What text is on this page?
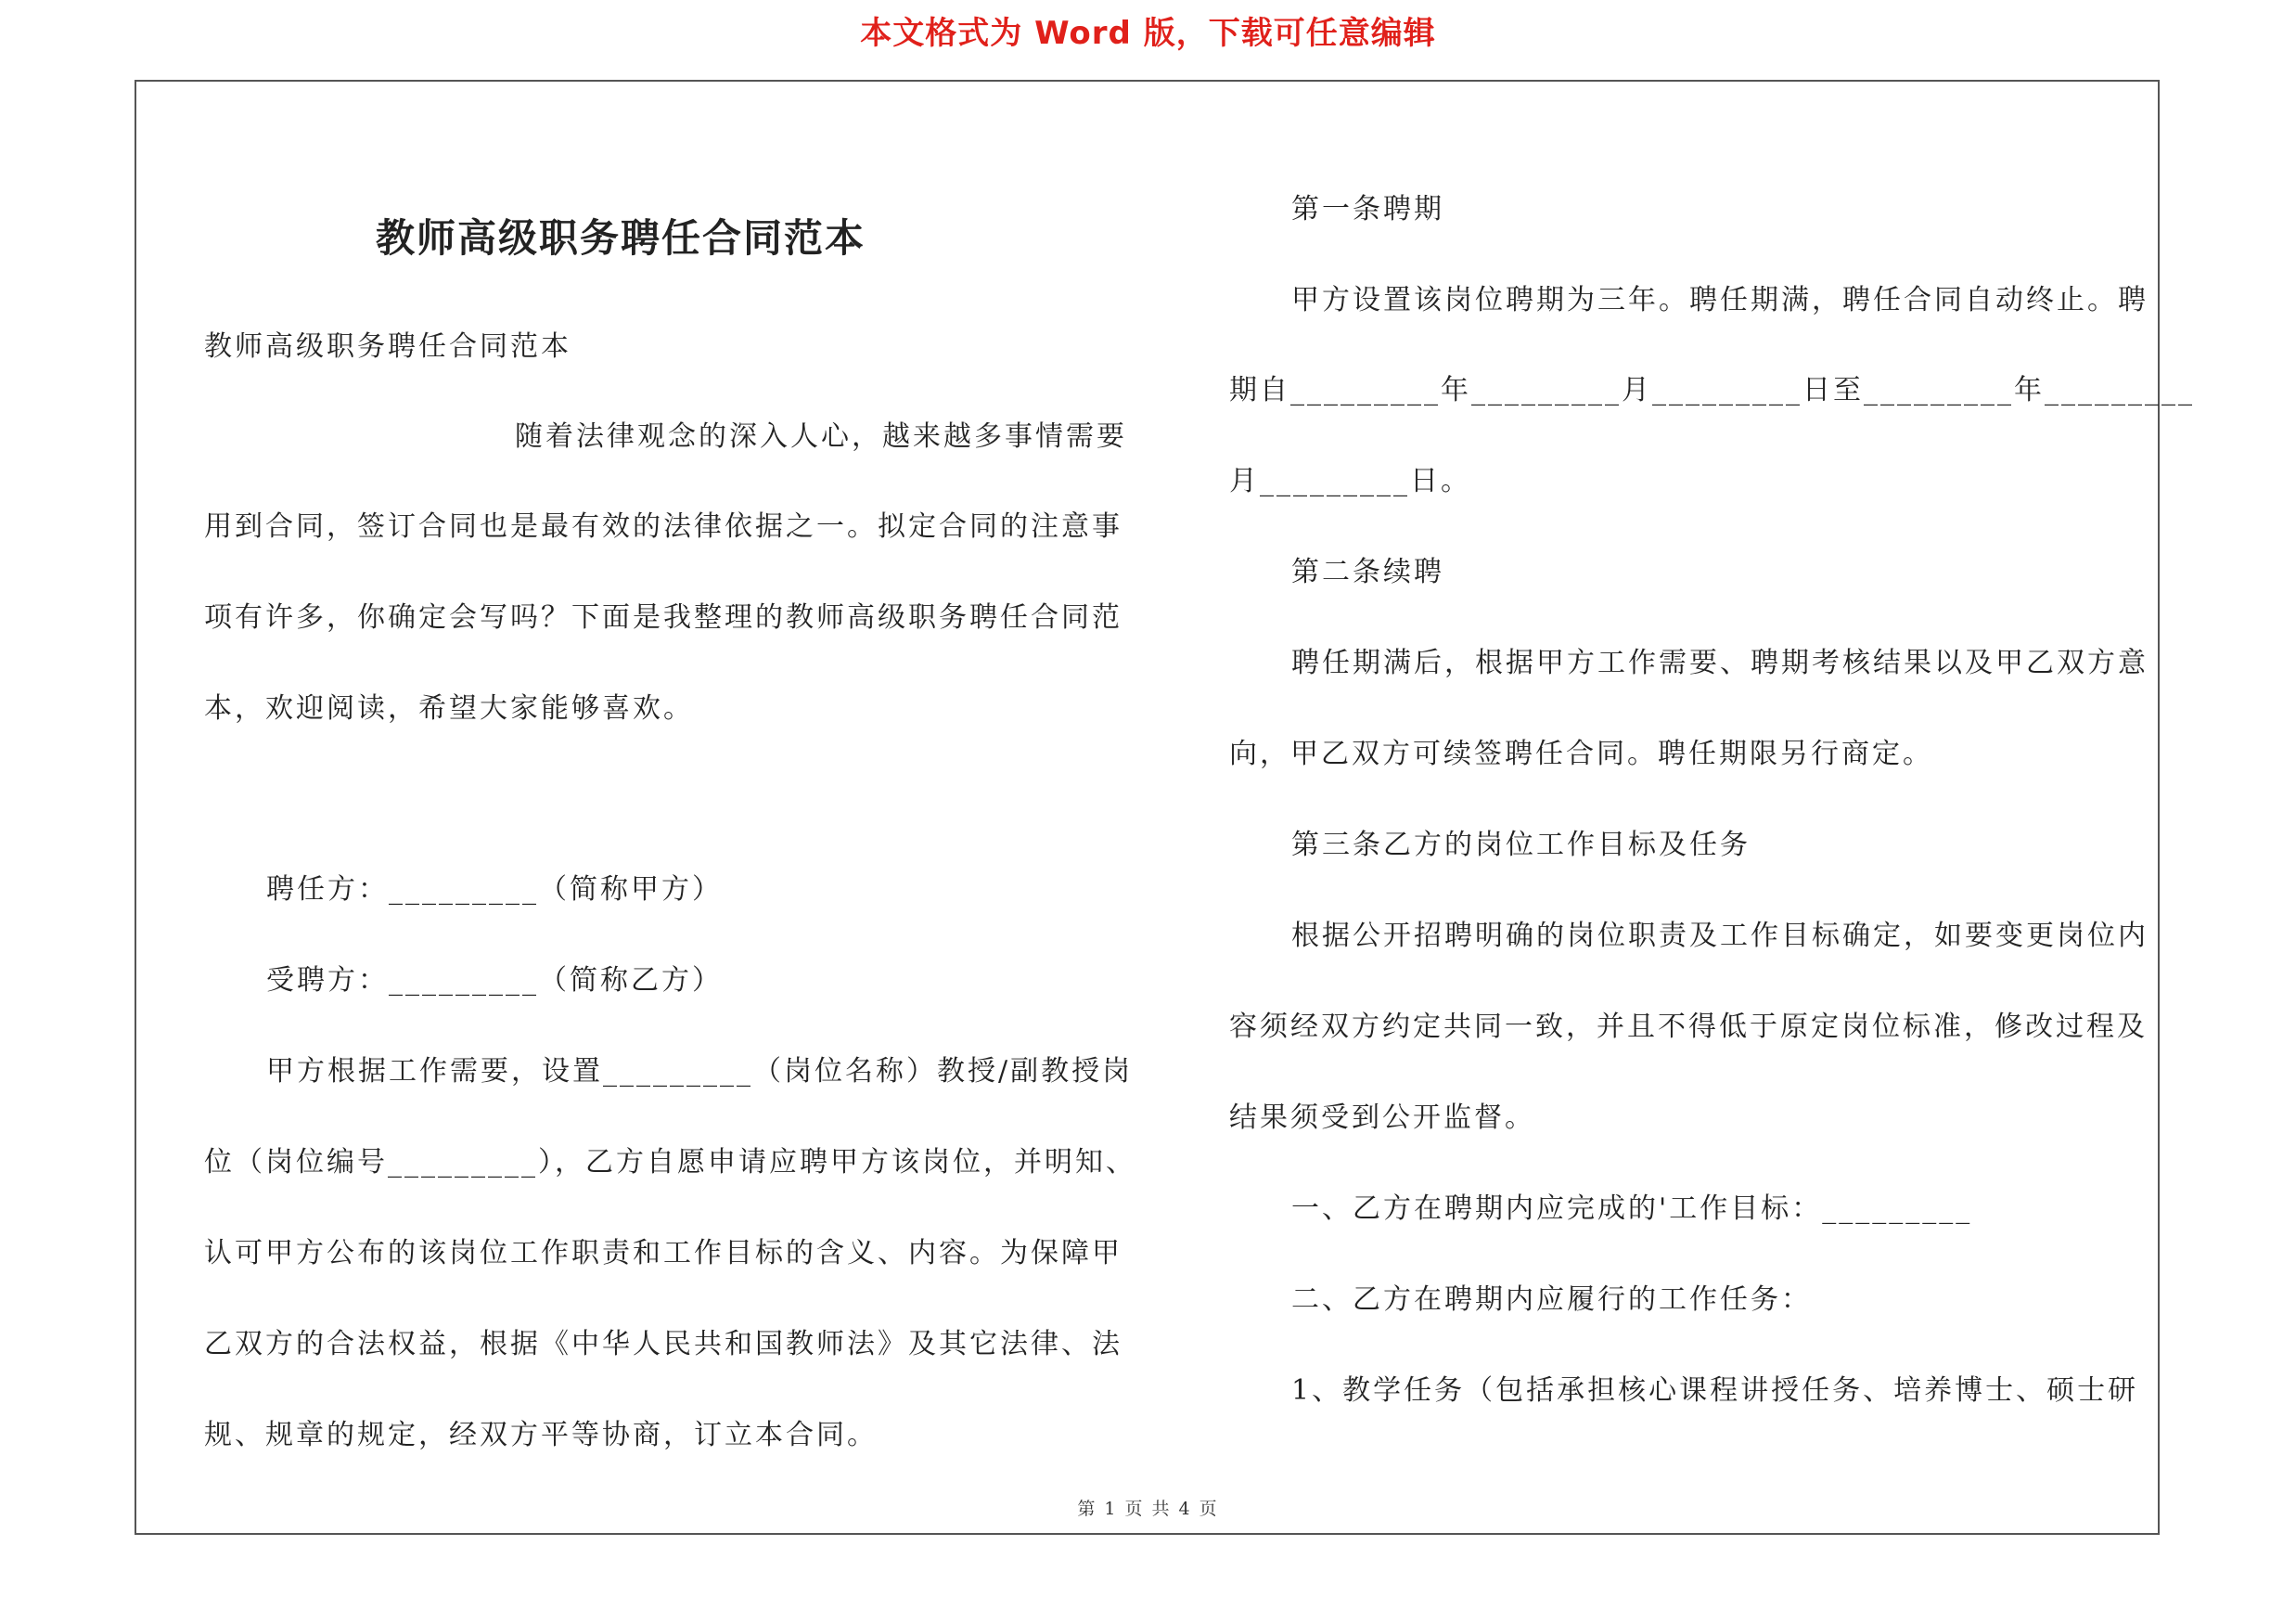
本文格式为 Word 版，下载可任意编辑
教师高级职务聘任合同范本
教师高级职务聘任合同范本
随着法律观念的深入人心，越来越多事情需要
用到合同，签订合同也是最有效的法律依据之一。拟定合同的注意事
项有许多，你确定会写吗？下面是我整理的教师高级职务聘任合同范
本，欢迎阅读，希望大家能够喜欢。
聘任方：_________（简称甲方）
受聘方：_________（简称乙方）
甲方根据工作需要，设置_________（岗位名称）教授/副教授岗
位（岗位编号_________），乙方自愿申请应聘甲方该岗位，并明知、
认可甲方公布的该岗位工作职责和工作目标的含义、内容。为保障甲
乙双方的合法权益，根据《中华人民共和国教师法》及其它法律、法
规、规章的规定，经双方平等协商，订立本合同。
第一条聘期
甲方设置该岗位聘期为三年。聘任期满，聘任合同自动终止。聘
期自_________年_________月_________日至_________年_________
月_________日。
第二条续聘
聘任期满后，根据甲方工作需要、聘期考核结果以及甲乙双方意
向，甲乙双方可续签聘任合同。聘任期限另行商定。
第三条乙方的岗位工作目标及任务
根据公开招聘明确的岗位职责及工作目标确定，如要变更岗位内
容须经双方约定共同一致，并且不得低于原定岗位标准，修改过程及
结果须受到公开监督。
一、乙方在聘期内应完成的'工作目标：_________
二、乙方在聘期内应履行的工作任务：
1、教学任务（包括承担核心课程讲授任务、培养博士、硕士研
第 1 页 共 4 页
